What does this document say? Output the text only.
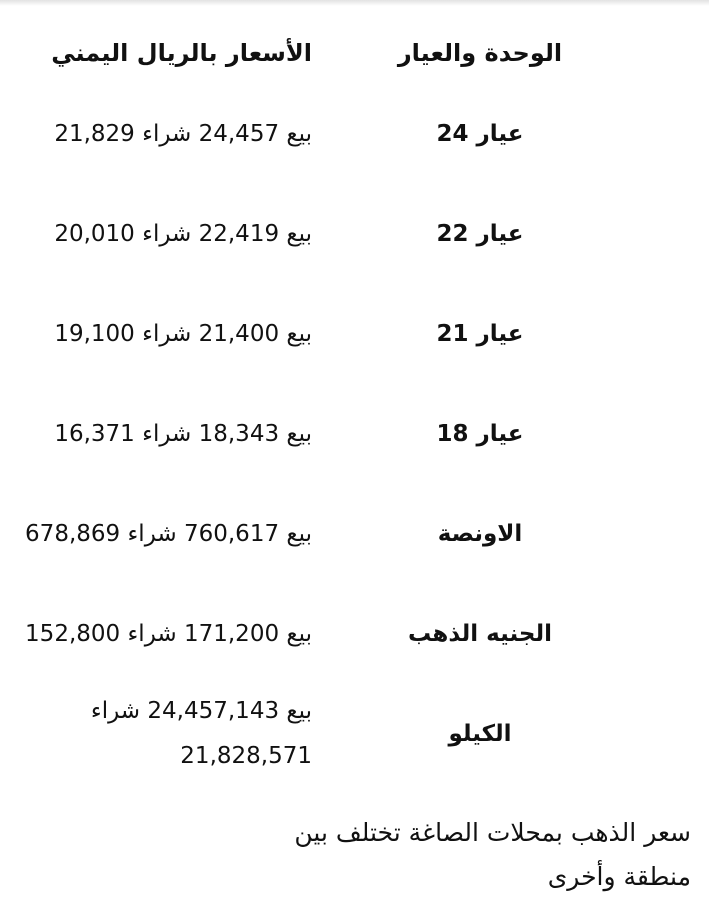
الوحدة والعيار	الأسعار بالريال اليمني
عيار 24	بيع 24,457 شراء 21,829
عيار 22	بيع 22,419 شراء 20,010
عيار 21	بيع 21,400 شراء 19,100
عيار 18	بيع 18,343 شراء 16,371
الاونصة	بيع 760,617 شراء 678,869
الجنيه الذهب	بيع 171,200 شراء 152,800
الكيلو	بيع 24,457,143 شراء 21,828,571

سعر الذهب بمحلات الصاغة تختلف بين منطقة وأخرى
